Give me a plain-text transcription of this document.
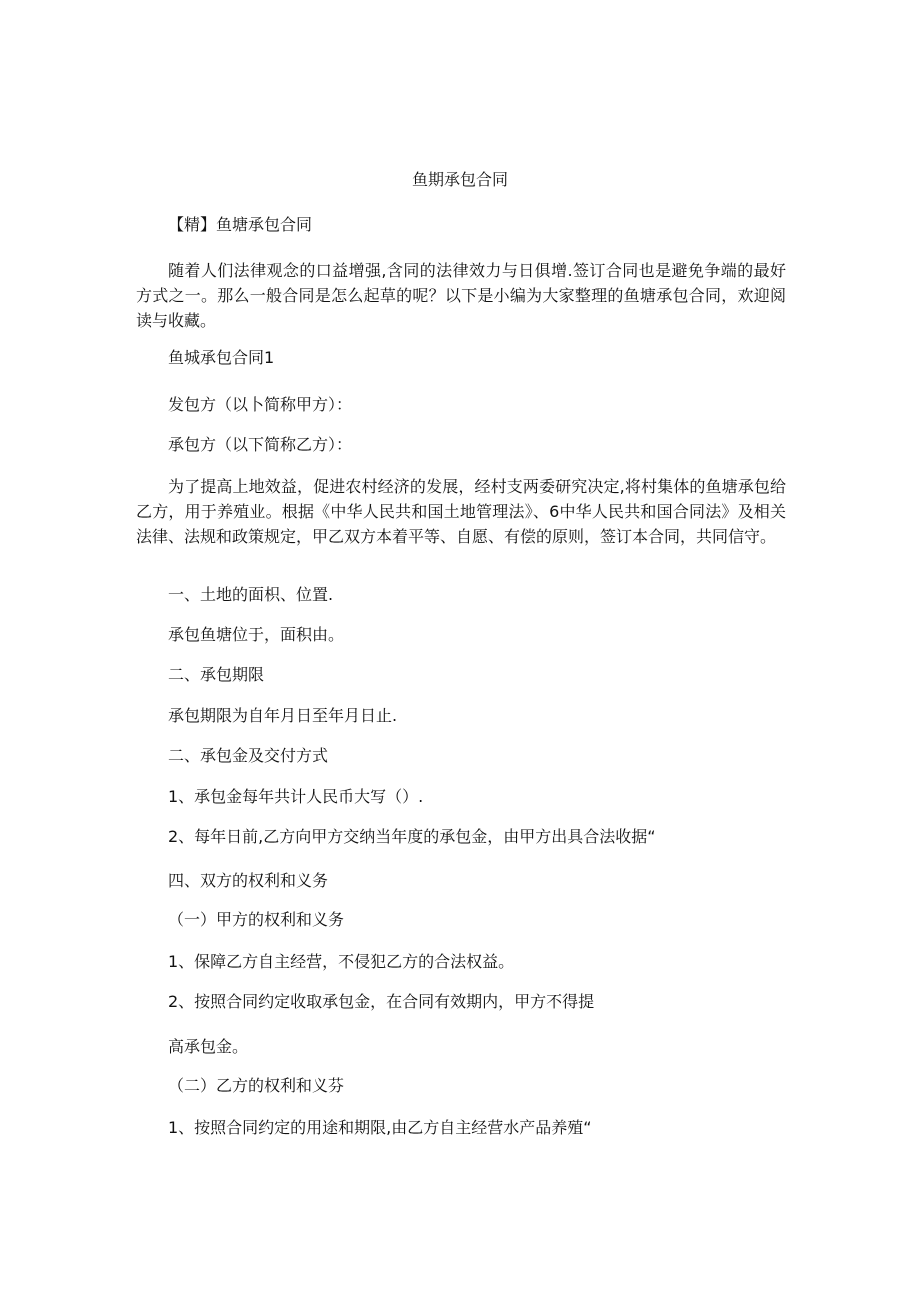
鱼期承包合同
【精】鱼塘承包合同
随着人们法律观念的口益增强,含同的法律效力与日俱增.签订合同也是避免争端的最好方式之一。那么一般合同是怎么起草的呢？以下是小编为大家整理的鱼塘承包合同，欢迎阅读与收藏。
鱼城承包合同1
发包方（以卜简称甲方）：
承包方（以下简称乙方）：
为了提高上地效益，促进农村经济的发展，经村支两委研究决定,将村集体的鱼塘承包给乙方，用于养殖业。根据《中华人民共和国土地管理法》、6中华人民共和国合同法》及相关法律、法规和政策规定，甲乙双方本着平等、自愿、有偿的原则，签订本合同，共同信守。
一、土地的面枳、位置.
承包鱼塘位于，面积由。
二、承包期限
承包期限为自年月日至年月日止.
二、承包金及交付方式
1、承包金每年共计人民币大写（）.
2、每年日前,乙方向甲方交纳当年度的承包金，由甲方出具合法收据“
四、双方的权利和义务
（一）甲方的权利和义务
1、保障乙方自主经营，不侵犯乙方的合法权益。
2、按照合同约定收取承包金，在合同有效期内，甲方不得提
高承包金。
（二）乙方的权利和义芬
1、按照合同约定的用途和期限,由乙方自主经营水产品养殖“
